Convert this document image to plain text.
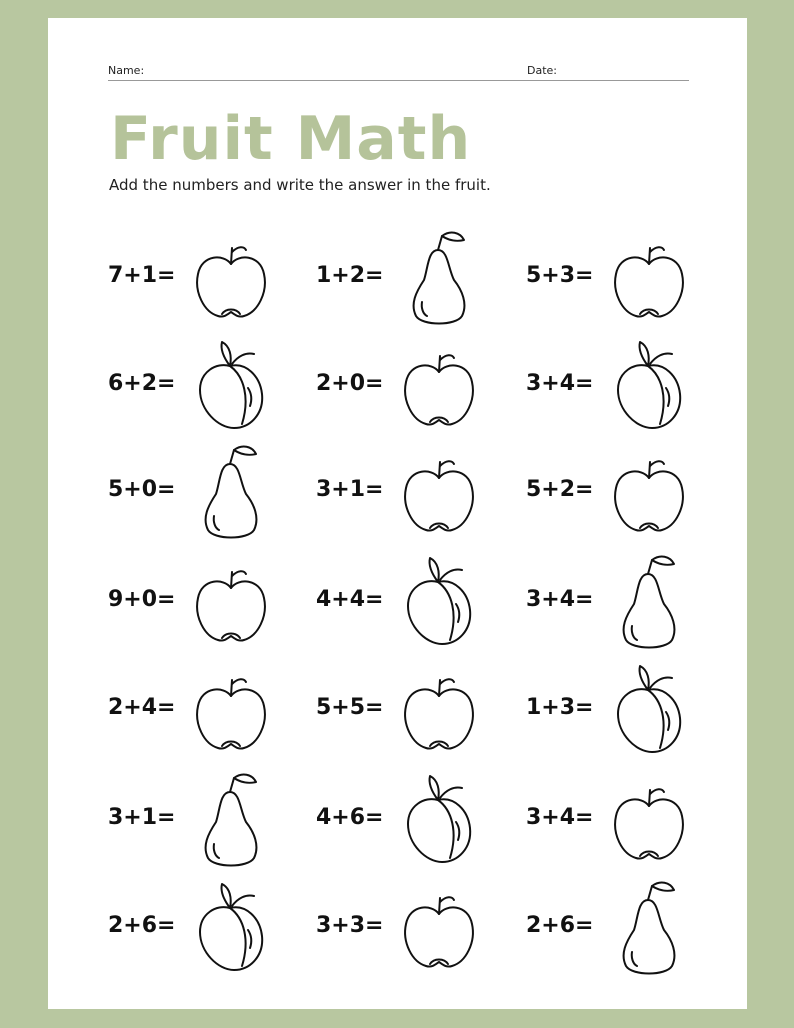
Name:	Date:
Fruit Math
Add the numbers and write the answer in the fruit.
7+1=	1+2=	5+3=
6+2=	2+0=	3+4=
5+0=	3+1=	5+2=
9+0=	4+4=	3+4=
2+4=	5+5=	1+3=
3+1=	4+6=	3+4=
2+6=	3+3=	2+6=
